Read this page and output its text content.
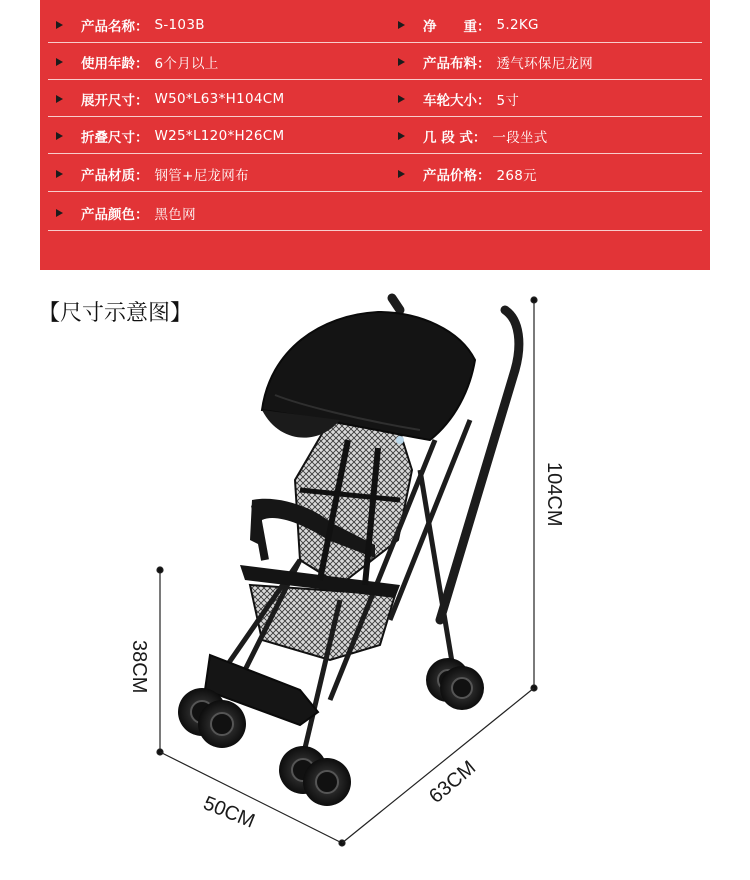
产品名称： S-103B	净　　重： 5.2KG
使用年龄： 6个月以上	产品布料： 透气环保尼龙网
展开尺寸： W50*L63*H104CM	车轮大小： 5寸
折叠尺寸： W25*L120*H26CM	几 段 式： 一段坐式
产品材质： 钢管+尼龙网布	产品价格： 268元
产品颜色： 黑色网
104CM
38CM
50CM
63CM
【尺寸示意图】
